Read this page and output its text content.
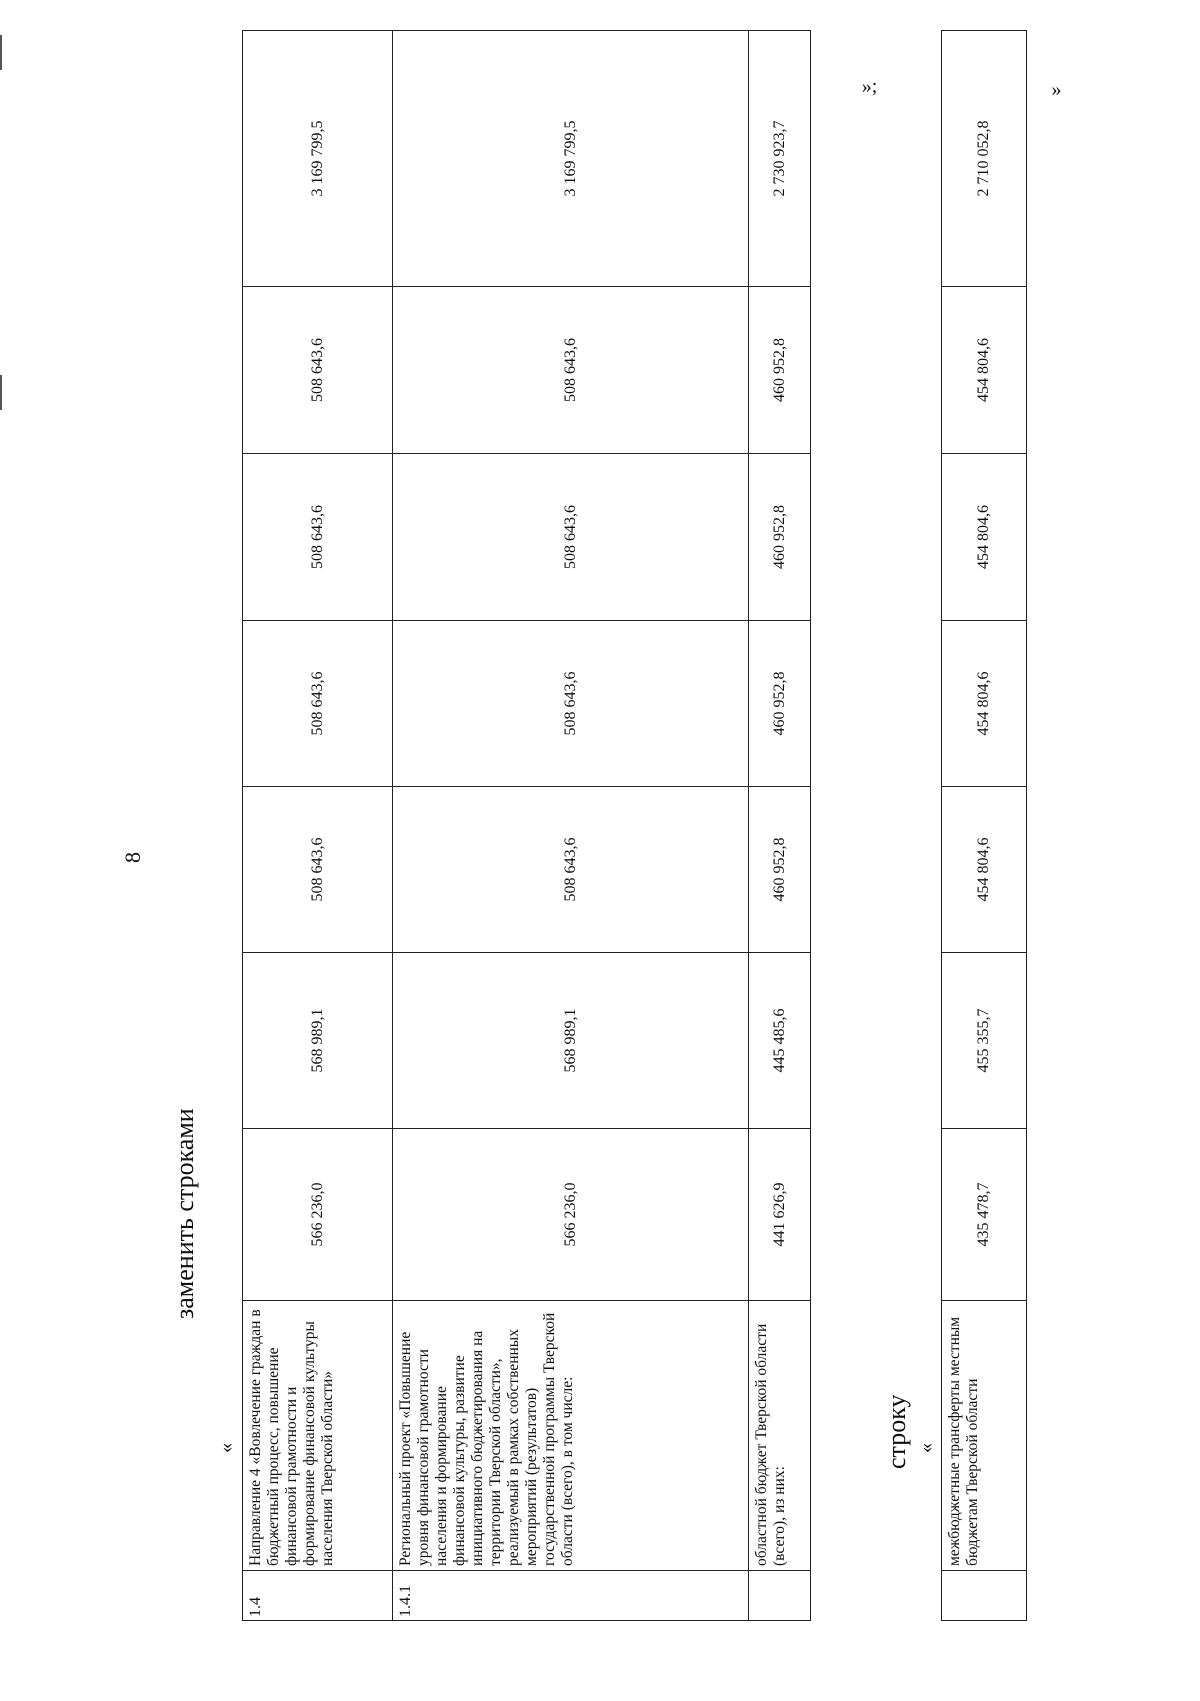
8
заменить строками
«
1.4	Направление 4 «Вовлечение граждан в бюджетный процесс, повышение финансовой грамотности и формирование финансовой культуры населения Тверской области»	566 236,0	568 989,1	508 643,6	508 643,6	508 643,6	508 643,6	3 169 799,5
1.4.1	Региональный проект «Повышение уровня финансовой грамотности населения и формирование финансовой культуры, развитие инициативного бюджетирования на территории Тверской области», реализуемый в рамках собственных мероприятий (результатов) государственной программы Тверской области (всего), в том числе:	566 236,0	568 989,1	508 643,6	508 643,6	508 643,6	508 643,6	3 169 799,5
	областной бюджет Тверской области (всего), из них:	441 626,9	445 485,6	460 952,8	460 952,8	460 952,8	460 952,8	2 730 923,7
»;
строку «
	межбюджетные трансферты местным бюджетам Тверской области	435 478,7	455 355,7	454 804,6	454 804,6	454 804,6	454 804,6	2 710 052,8
»
